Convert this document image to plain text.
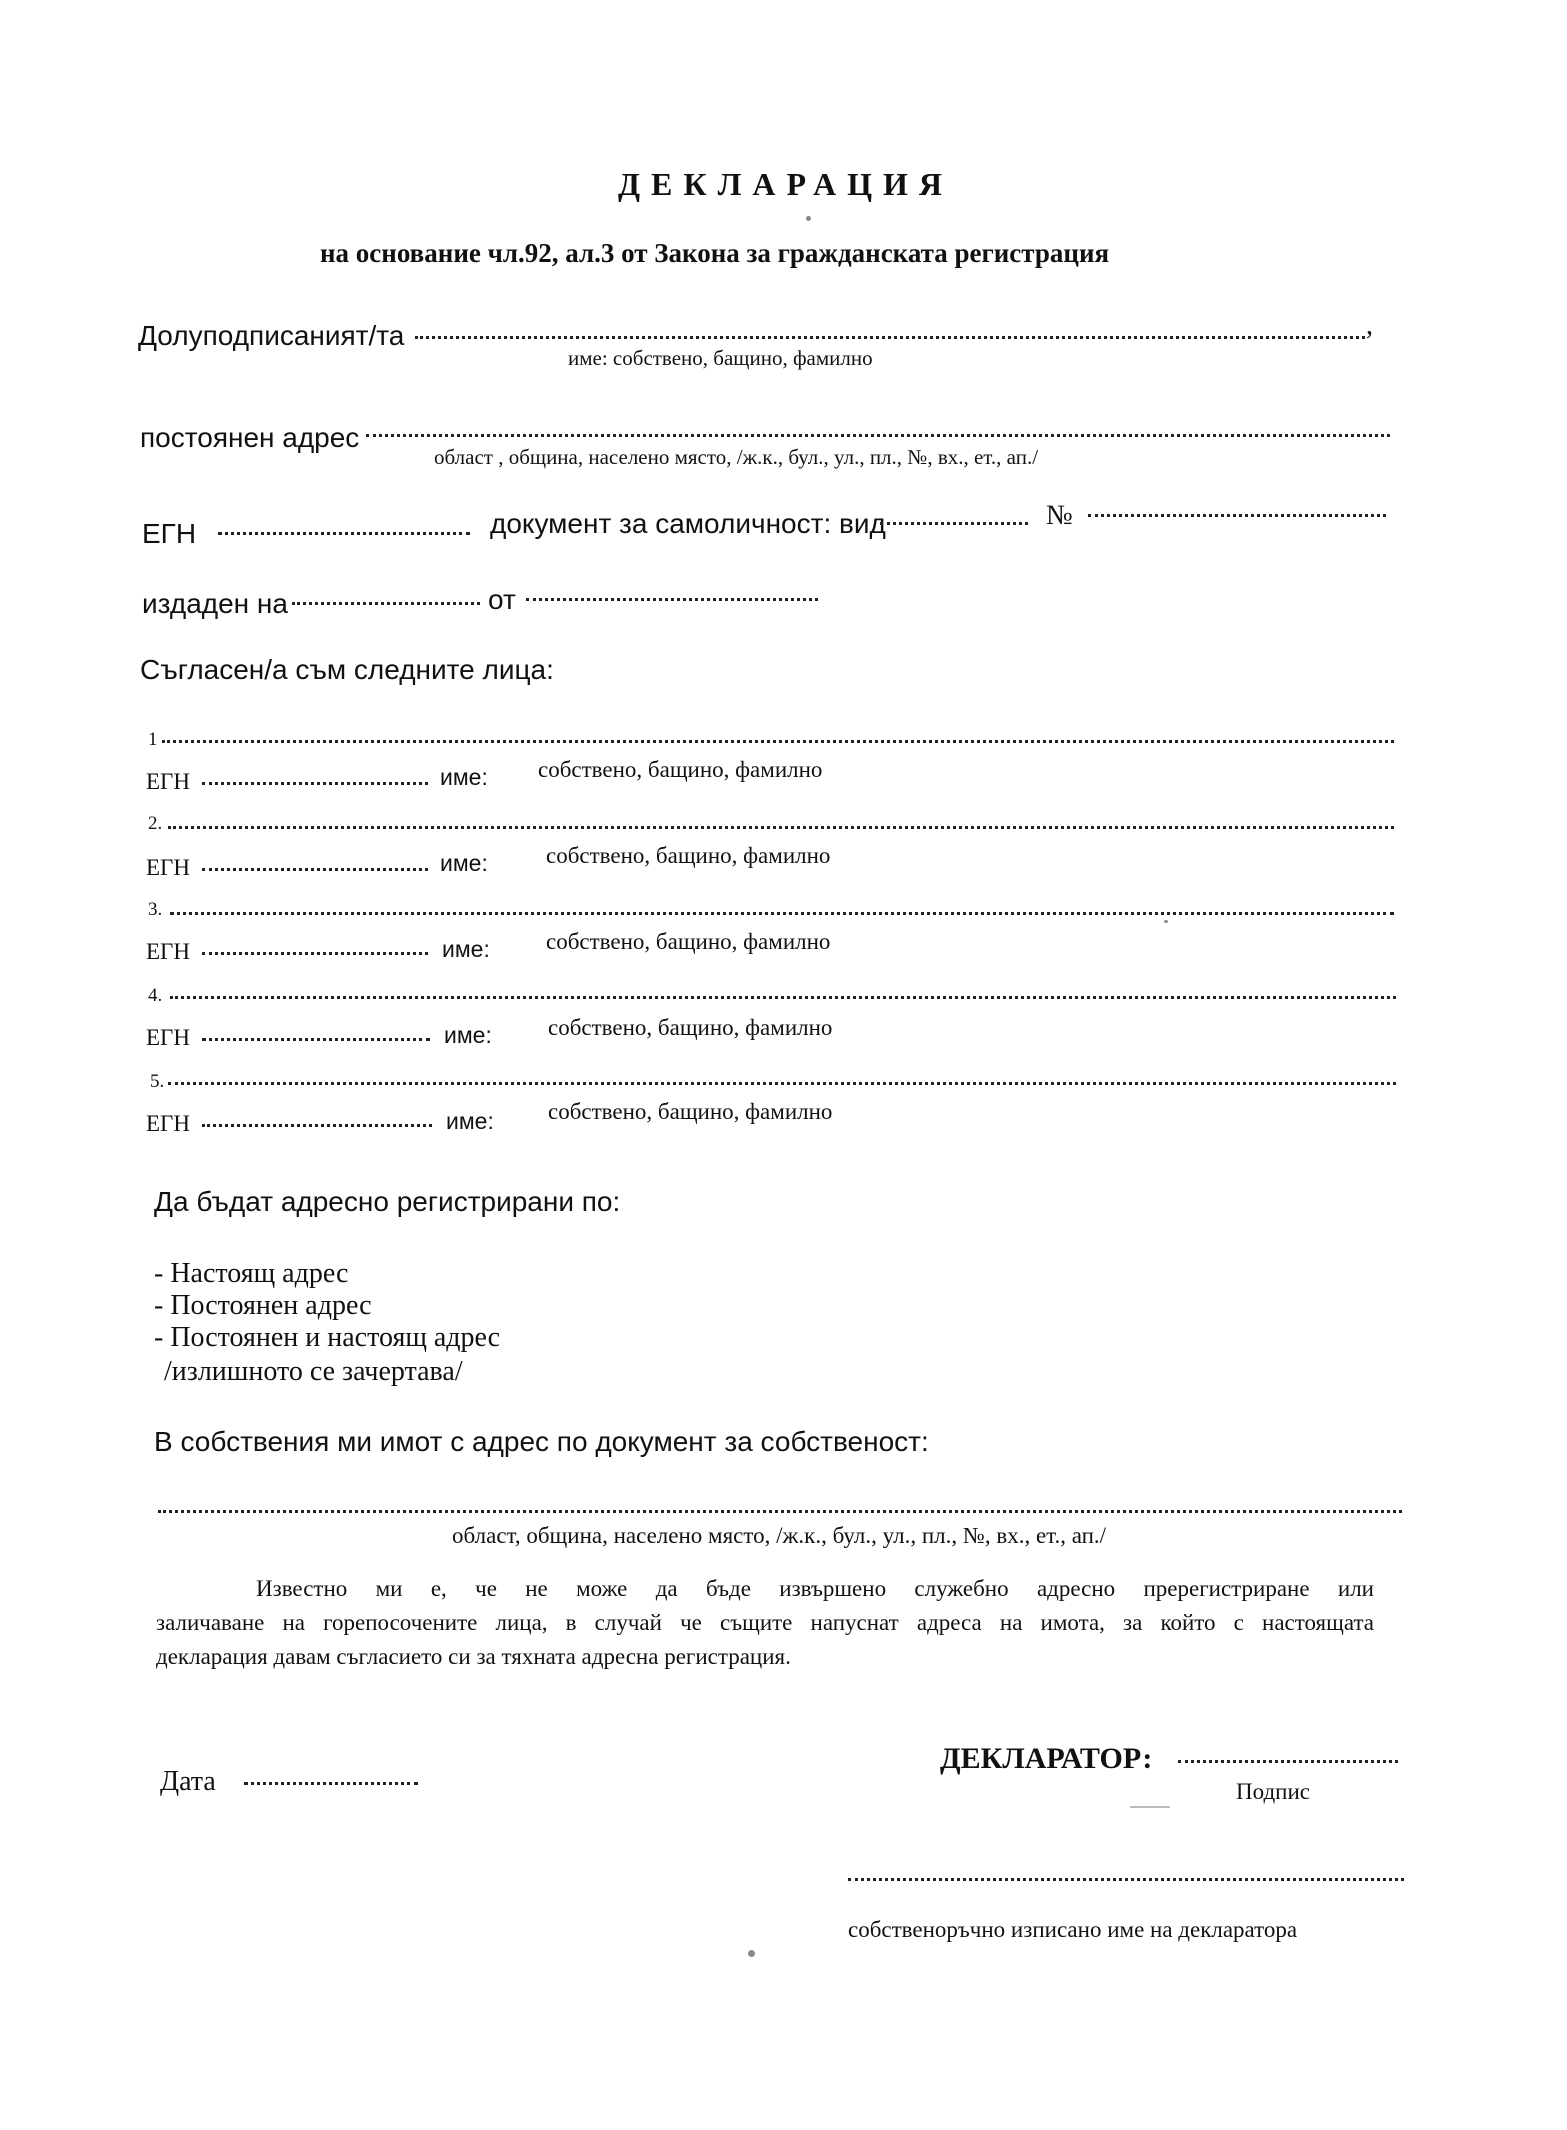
ДЕКЛАРАЦИЯ
на основание чл.92, ал.3 от Закона за гражданската регистрация
Долуподписаният/та	,
име: собствено, бащино, фамилно
постоянен адрес
област , община, населено място, /ж.к., бул., ул., пл., №, вх., ет., ап./
ЕГН	документ за самоличност: вид	№
издаден на	от
Съгласен/а съм следните лица:
1
ЕГН	име: собствено, бащино, фамилно
2.
ЕГН	име:	собствено, бащино, фамилно
3.
ЕГН	име: собствено, бащино, фамилно
4.
ЕГН	име: собствено, бащино, фамилно
5.
ЕГН	име: собствено, бащино, фамилно
Да бъдат адресно регистрирани по:
- Настоящ адрес
- Постоянен адрес
- Постоянен и настоящ адрес
/излишното се зачертава/
В собствения ми имот с адрес по документ за собственост:
област, община, населено място, /ж.к., бул., ул., пл., №, вх., ет., ап./

Известно ми е, че не може да бъде извършено служебно адресно пререгистриране или

заличаване на горепосочените лица, в случай че същите напуснат адреса на имота, за който с настоящата

декларация давам съгласието си за тяхната адресна регистрация.

Дата
ДЕКЛАРАТОР:
Подпис
собственоръчно изписано име на декларатора
